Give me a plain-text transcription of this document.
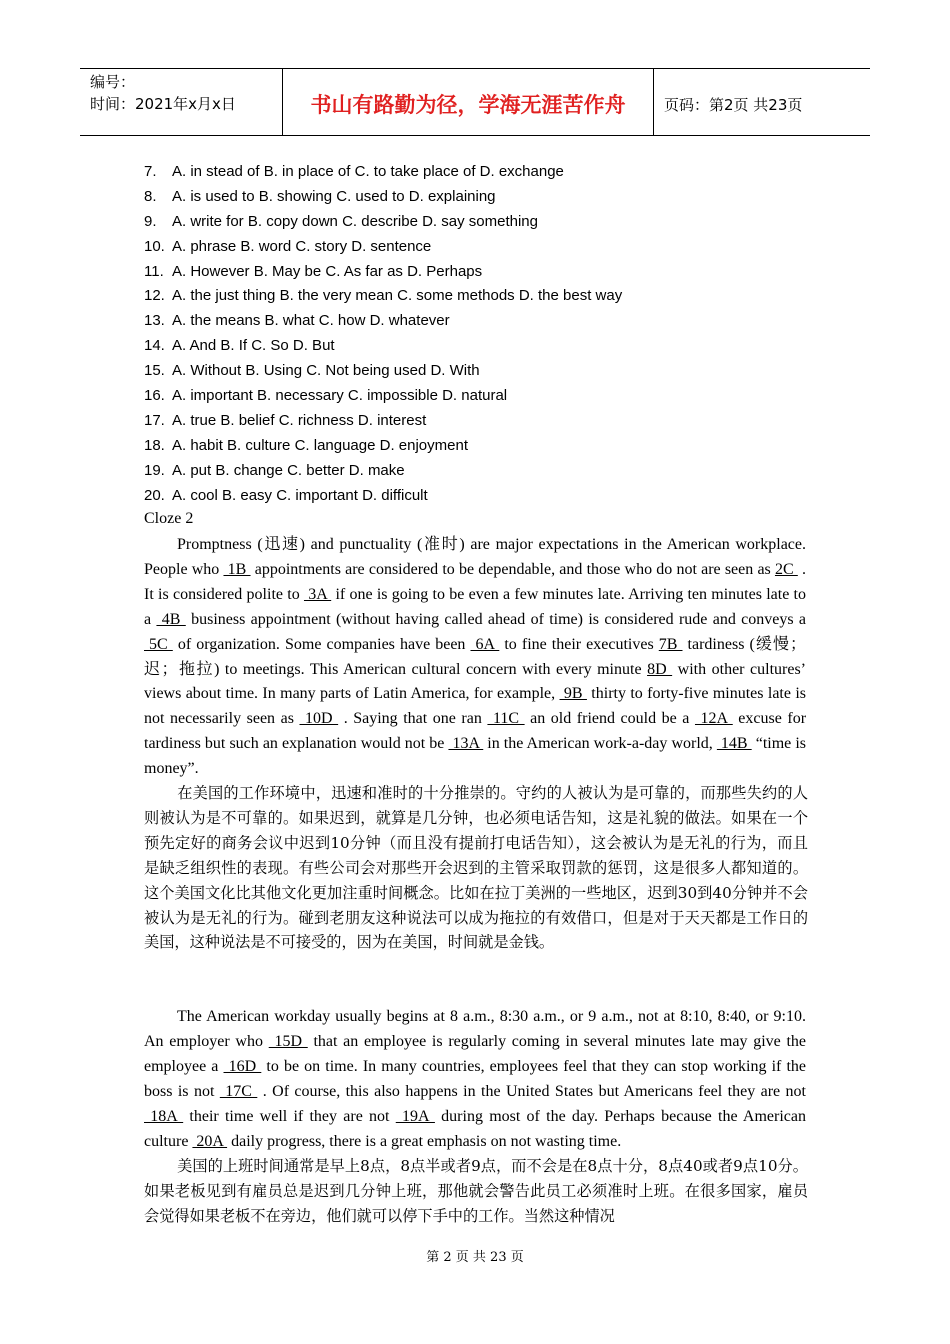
编号：
时间：2021年x月x日	书山有路勤为径，学海无涯苦作舟	页码：第2页 共23页
7. A. in stead of B. in place of C. to take place of D. exchange
8. A. is used to B. showing C. used to D. explaining
9. A. write for B. copy down C. describe D. say something
10. A. phrase B. word C. story D. sentence
11. A. However B. May be C. As far as D. Perhaps
12. A. the just thing B. the very mean C. some methods D. the best way
13. A. the means B. what C. how D. whatever
14. A. And B. If C. So D. But
15. A. Without B. Using C. Not being used D. With
16. A. important B. necessary C. impossible D. natural
17. A. true B. belief C. richness D. interest
18. A. habit B. culture C. language D. enjoyment
19. A. put B. change C. better D. make
20. A. cool B. easy C. important D. difficult
Cloze 2
Promptness (迅速) and punctuality (准时) are major expectations in the American workplace. People who  1B  appointments are considered to be dependable, and those who do not are seen as 2C  . It is considered polite to  3A  if one is going to be even a few minutes late. Arriving ten minutes late to a  4B  business appointment (without having called ahead of time) is considered rude and conveys a  5C  of organization. Some companies have been  6A  to fine their executives 7B  tardiness (缓慢；迟；拖拉) to meetings. This American cultural concern with every minute 8D  with other cultures’ views about time. In many parts of Latin America, for example,  9B  thirty to forty-five minutes late is not necessarily seen as  10D  . Saying that one ran  11C  an old friend could be a  12A  excuse for tardiness but such an explanation would not be  13A  in the American work-a-day world,  14B  “time is money”.
在美国的工作环境中，迅速和准时的十分推崇的。守约的人被认为是可靠的，而那些失约的人则被认为是不可靠的。如果迟到，就算是几分钟，也必须电话告知，这是礼貌的做法。如果在一个预先定好的商务会议中迟到10分钟（而且没有提前打电话告知），这会被认为是无礼的行为，而且是缺乏组织性的表现。有些公司会对那些开会迟到的主管采取罚款的惩罚，这是很多人都知道的。这个美国文化比其他文化更加注重时间概念。比如在拉丁美洲的一些地区，迟到30到40分钟并不会被认为是无礼的行为。碰到老朋友这种说法可以成为拖拉的有效借口，但是对于天天都是工作日的美国，这种说法是不可接受的，因为在美国，时间就是金钱。
The American workday usually begins at 8 a.m., 8:30 a.m., or 9 a.m., not at 8:10, 8:40, or 9:10. An employer who  15D  that an employee is regularly coming in several minutes late may give the employee a  16D  to be on time. In many countries, employees feel that they can stop working if the boss is not  17C  . Of course, this also happens in the United States but Americans feel they are not  18A  their time well if they are not  19A  during most of the day. Perhaps because the American culture  20A  daily progress, there is a great emphasis on not wasting time.
美国的上班时间通常是早上8点，8点半或者9点，而不会是在8点十分，8点40或者9点10分。如果老板见到有雇员总是迟到几分钟上班，那他就会警告此员工必须准时上班。在很多国家，雇员会觉得如果老板不在旁边，他们就可以停下手中的工作。当然这种情况
第 2 页 共 23 页
